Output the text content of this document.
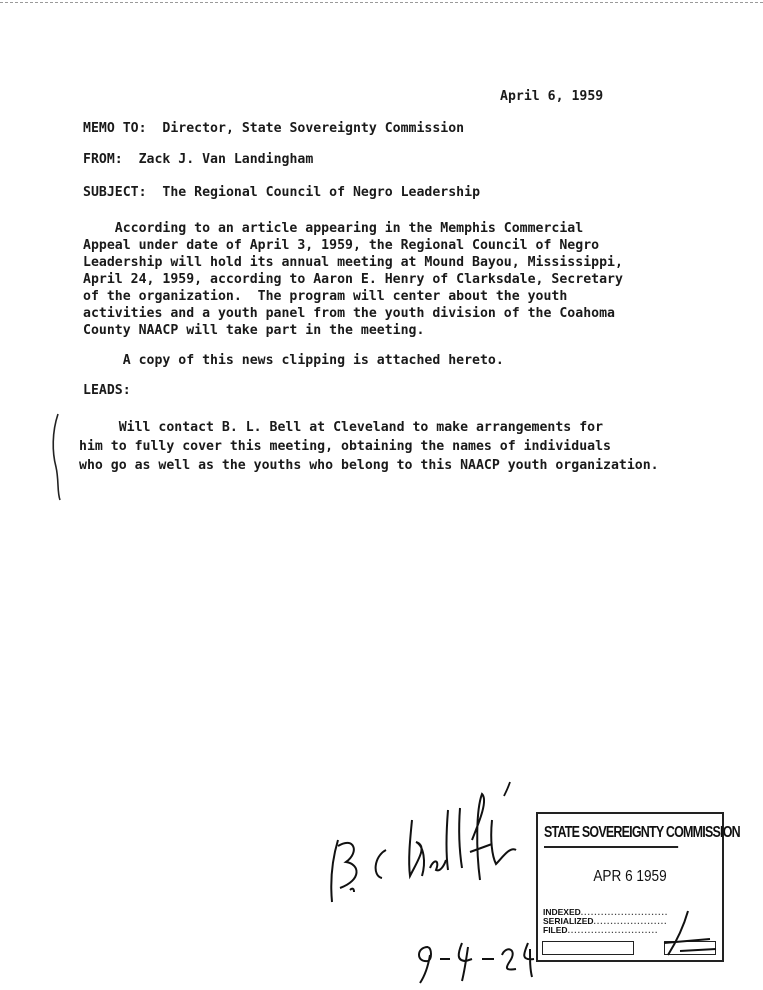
April 6, 1959
MEMO TO: Director, State Sovereignty Commission
FROM: Zack J. Van Landingham
SUBJECT: The Regional Council of Negro Leadership

According to an article appearing in the Memphis Commercial
Appeal under date of April 3, 1959, the Regional Council of Negro
Leadership will hold its annual meeting at Mound Bayou, Mississippi,
April 24, 1959, according to Aaron E. Henry of Clarksdale, Secretary
of the organization.  The program will center about the youth
activities and a youth panel from the youth division of the Coahoma
County NAACP will take part in the meeting.

A copy of this news clipping is attached hereto.

LEADS:

Will contact B. L. Bell at Cleveland to make arrangements for
him to fully cover this meeting, obtaining the names of individuals
who go as well as the youths who belong to this NAACP youth organization.

STATE SOVEREIGNTY COMMISSION
APR 6 1959
INDEXED..........................
SERIALIZED......................
FILED...........................
